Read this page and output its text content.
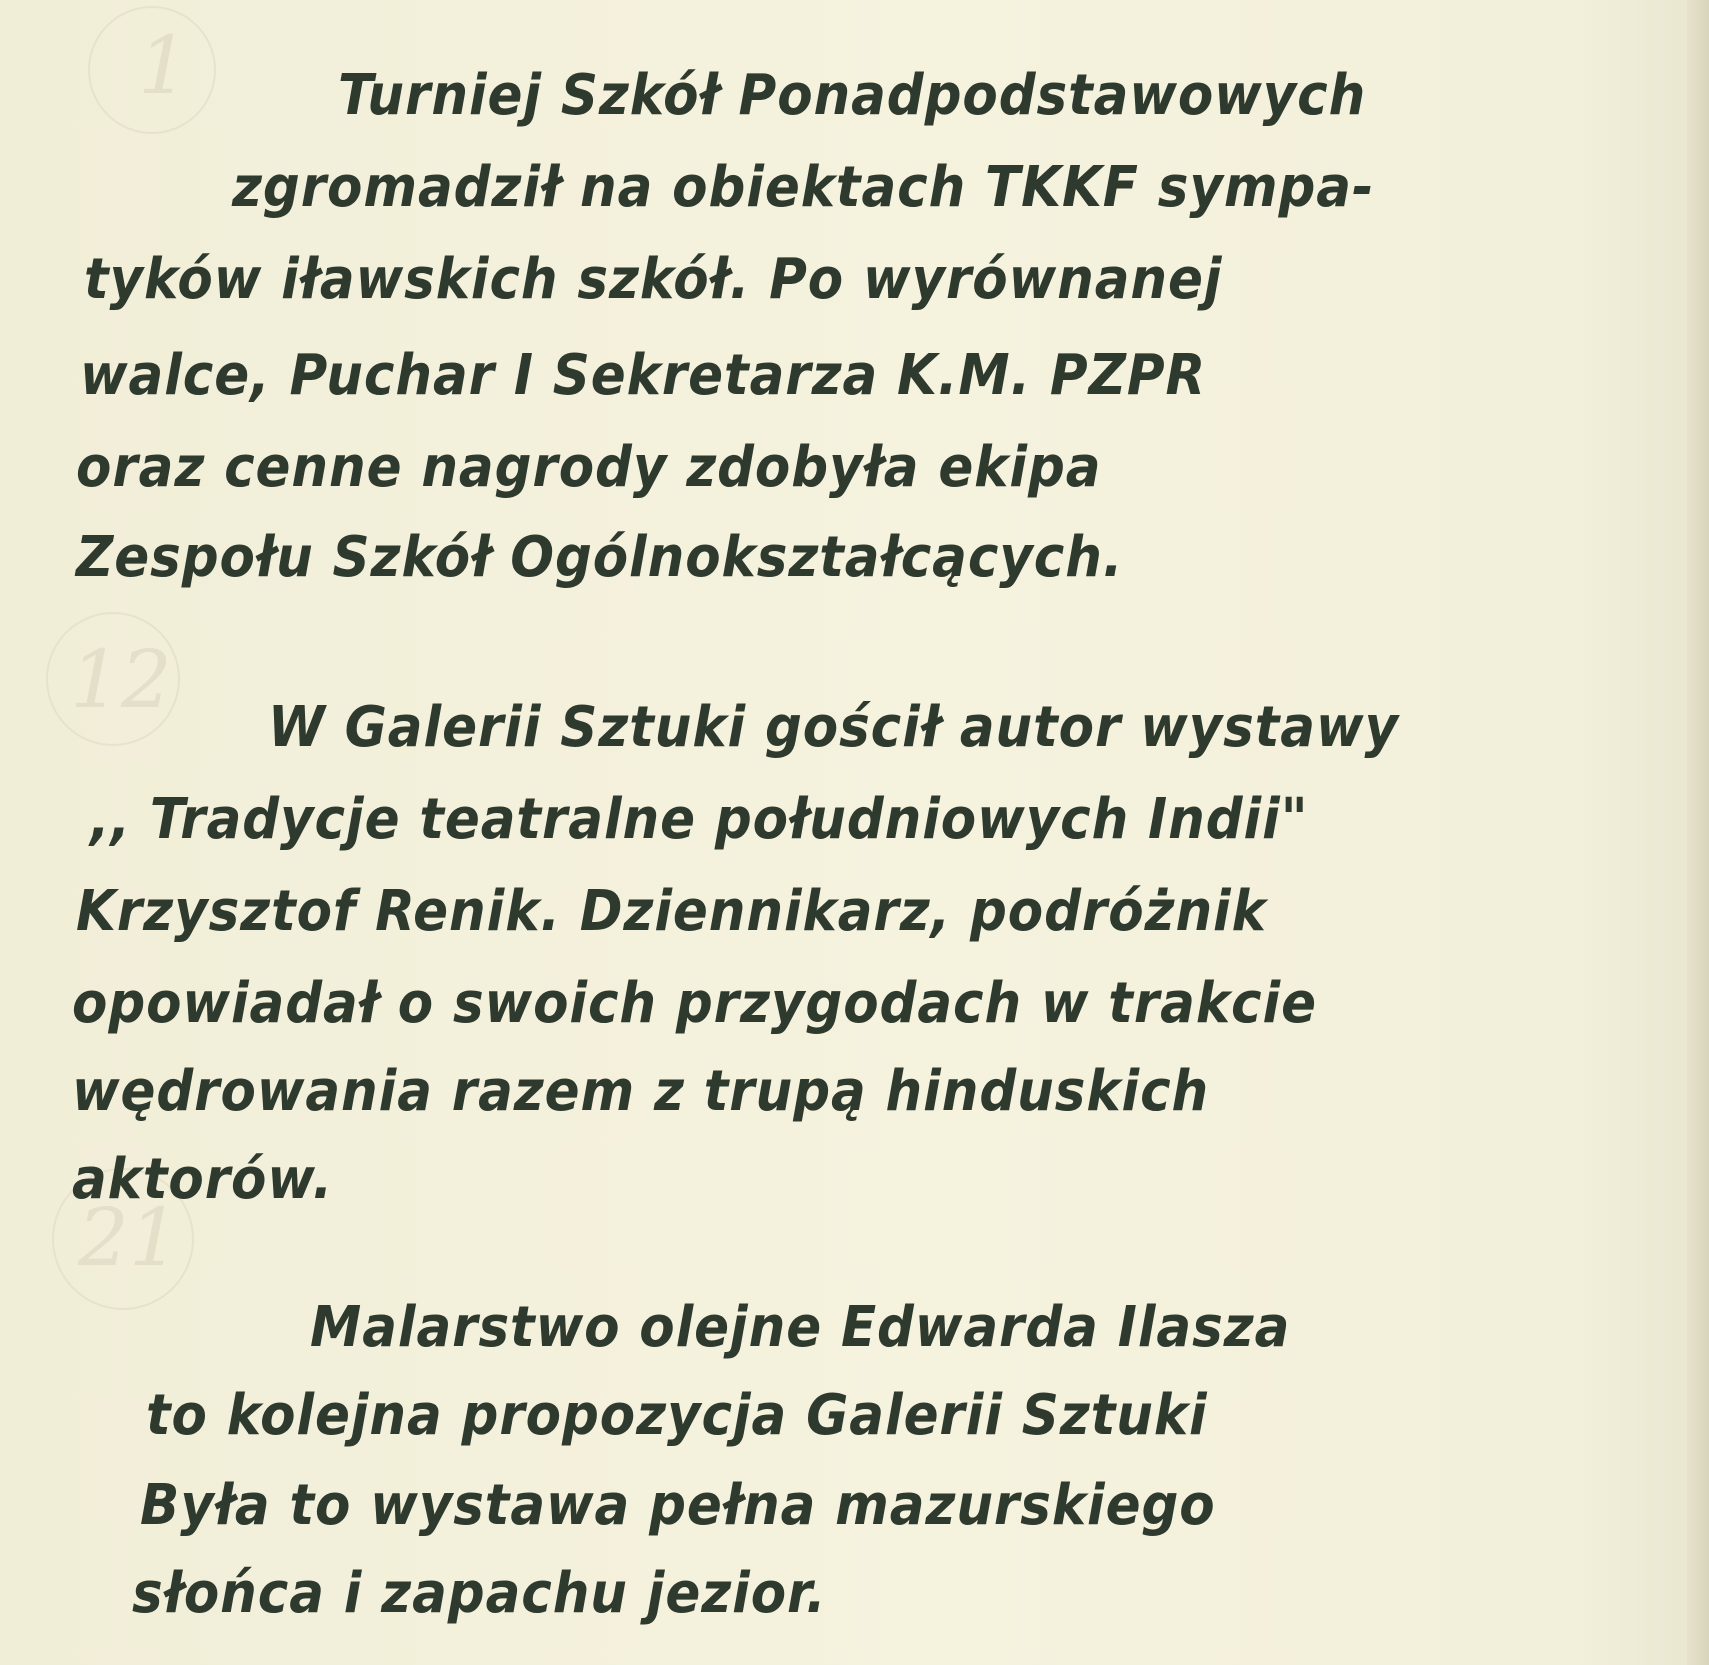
1
12
21

Turniej Szkół Ponadpodstawowych

zgromadził na obiektach TKKF sympa-

tyków iławskich szkół. Po wyrównanej

walce, Puchar I Sekretarza K.M. PZPR

oraz cenne nagrody zdobyła ekipa

Zespołu Szkół Ogólnokształcących.

W Galerii Sztuki gościł autor wystawy

,, Tradycje teatralne południowych Indii"

Krzysztof Renik. Dziennikarz, podróżnik

opowiadał o swoich przygodach w trakcie

wędrowania razem z trupą hinduskich

aktorów.

Malarstwo olejne Edwarda Ilasza

to kolejna propozycja Galerii Sztuki

Była to wystawa pełna mazurskiego

słońca i zapachu jezior.
